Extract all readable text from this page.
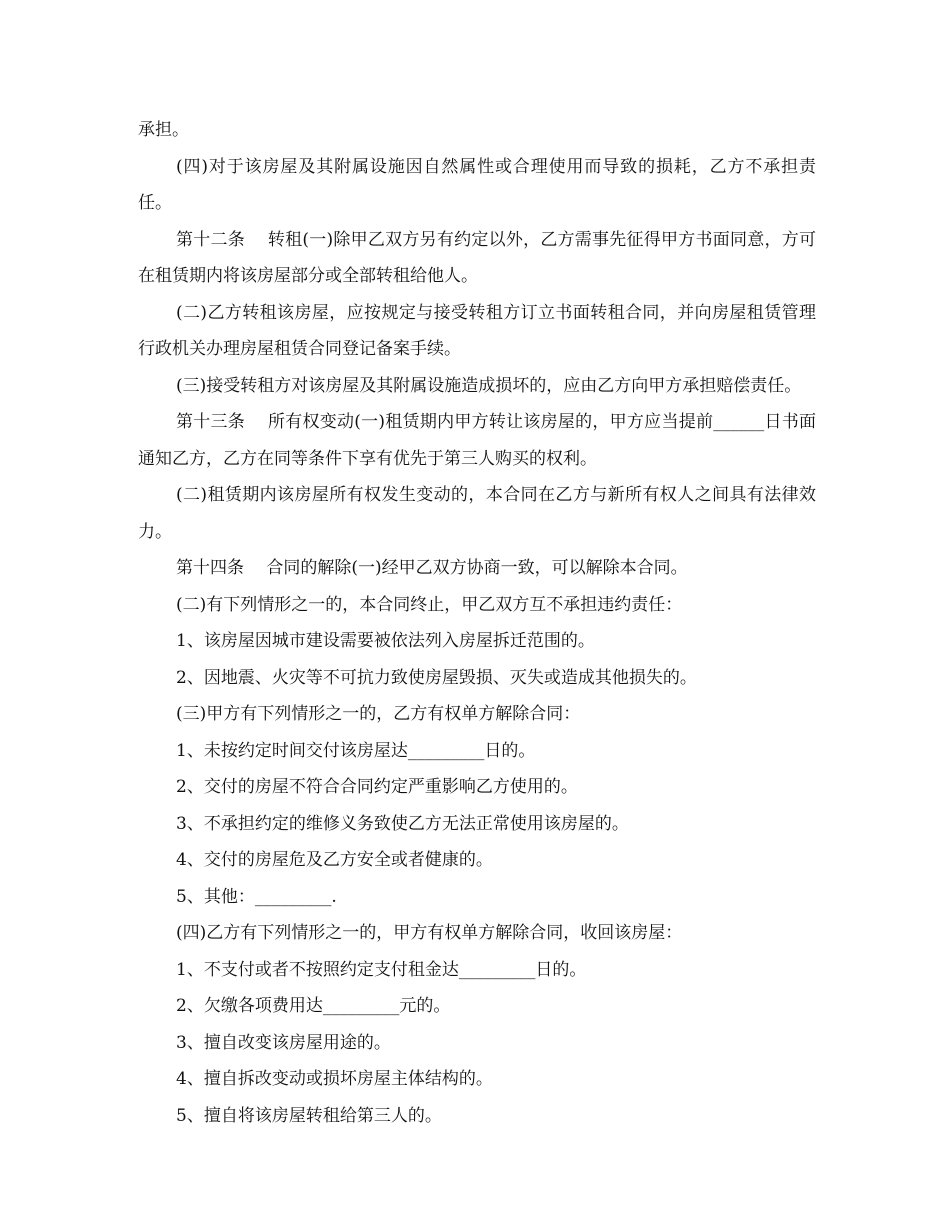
承担。

(四)对于该房屋及其附属设施因自然属性或合理使用而导致的损耗，乙方不承担责任。

第十二条　 转租(一)除甲乙双方另有约定以外，乙方需事先征得甲方书面同意，方可在租赁期内将该房屋部分或全部转租给他人。

(二)乙方转租该房屋，应按规定与接受转租方订立书面转租合同，并向房屋租赁管理行政机关办理房屋租赁合同登记备案手续。

(三)接受转租方对该房屋及其附属设施造成损坏的，应由乙方向甲方承担赔偿责任。

第十三条　 所有权变动(一)租赁期内甲方转让该房屋的，甲方应当提前______日书面通知乙方，乙方在同等条件下享有优先于第三人购买的权利。

(二)租赁期内该房屋所有权发生变动的，本合同在乙方与新所有权人之间具有法律效力。

第十四条　 合同的解除(一)经甲乙双方协商一致，可以解除本合同。

(二)有下列情形之一的，本合同终止，甲乙双方互不承担违约责任：

1、该房屋因城市建设需要被依法列入房屋拆迁范围的。

2、因地震、火灾等不可抗力致使房屋毁损、灭失或造成其他损失的。

(三)甲方有下列情形之一的，乙方有权单方解除合同：

1、未按约定时间交付该房屋达_________日的。

2、交付的房屋不符合合同约定严重影响乙方使用的。

3、不承担约定的维修义务致使乙方无法正常使用该房屋的。

4、交付的房屋危及乙方安全或者健康的。

5、其他：_________.

(四)乙方有下列情形之一的，甲方有权单方解除合同，收回该房屋：

1、不支付或者不按照约定支付租金达_________日的。

2、欠缴各项费用达_________元的。

3、擅自改变该房屋用途的。

4、擅自拆改变动或损坏房屋主体结构的。

5、擅自将该房屋转租给第三人的。
